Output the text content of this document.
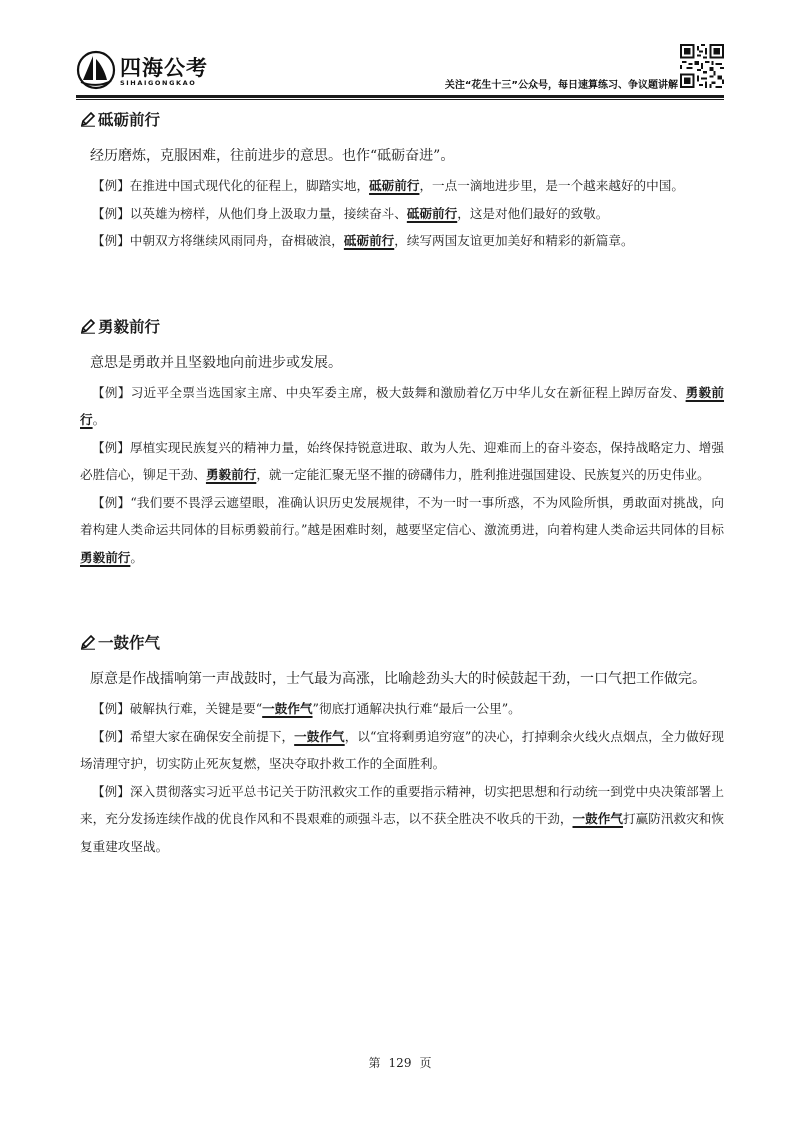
四海公考
SIHAIGONGKAO	关注“花生十三”公众号，每日速算练习、争议题讲解
砥砺前行

经历磨炼，克服困难，往前进步的意思。也作“砥砺奋进”。

【例】在推进中国式现代化的征程上，脚踏实地，砥砺前行，一点一滴地进步里，是一个越来越好的中国。

【例】以英雄为榜样，从他们身上汲取力量，接续奋斗、砥砺前行，这是对他们最好的致敬。

【例】中朝双方将继续风雨同舟，奋楫破浪，砥砺前行，续写两国友谊更加美好和精彩的新篇章。

勇毅前行

意思是勇敢并且坚毅地向前进步或发展。

【例】习近平全票当选国家主席、中央军委主席，极大鼓舞和激励着亿万中华儿女在新征程上踔厉奋发、勇毅前行。

【例】厚植实现民族复兴的精神力量，始终保持锐意进取、敢为人先、迎难而上的奋斗姿态，保持战略定力、增强必胜信心，铆足干劲、勇毅前行，就一定能汇聚无坚不摧的磅礴伟力，胜利推进强国建设、民族复兴的历史伟业。

【例】“我们要不畏浮云遮望眼，准确认识历史发展规律，不为一时一事所惑，不为风险所惧，勇敢面对挑战，向着构建人类命运共同体的目标勇毅前行。”越是困难时刻，越要坚定信心、激流勇进，向着构建人类命运共同体的目标勇毅前行。

一鼓作气

原意是作战擂响第一声战鼓时，士气最为高涨，比喻趁劲头大的时候鼓起干劲，一口气把工作做完。

【例】破解执行难，关键是要“一鼓作气”彻底打通解决执行难“最后一公里”。

【例】希望大家在确保安全前提下，一鼓作气，以“宜将剩勇追穷寇”的决心，打掉剩余火线火点烟点，全力做好现场清理守护，切实防止死灰复燃，坚决夺取扑救工作的全面胜利。

【例】深入贯彻落实习近平总书记关于防汛救灾工作的重要指示精神，切实把思想和行动统一到党中央决策部署上来，充分发扬连续作战的优良作风和不畏艰难的顽强斗志，以不获全胜决不收兵的干劲，一鼓作气打赢防汛救灾和恢复重建攻坚战。

第 129 页
